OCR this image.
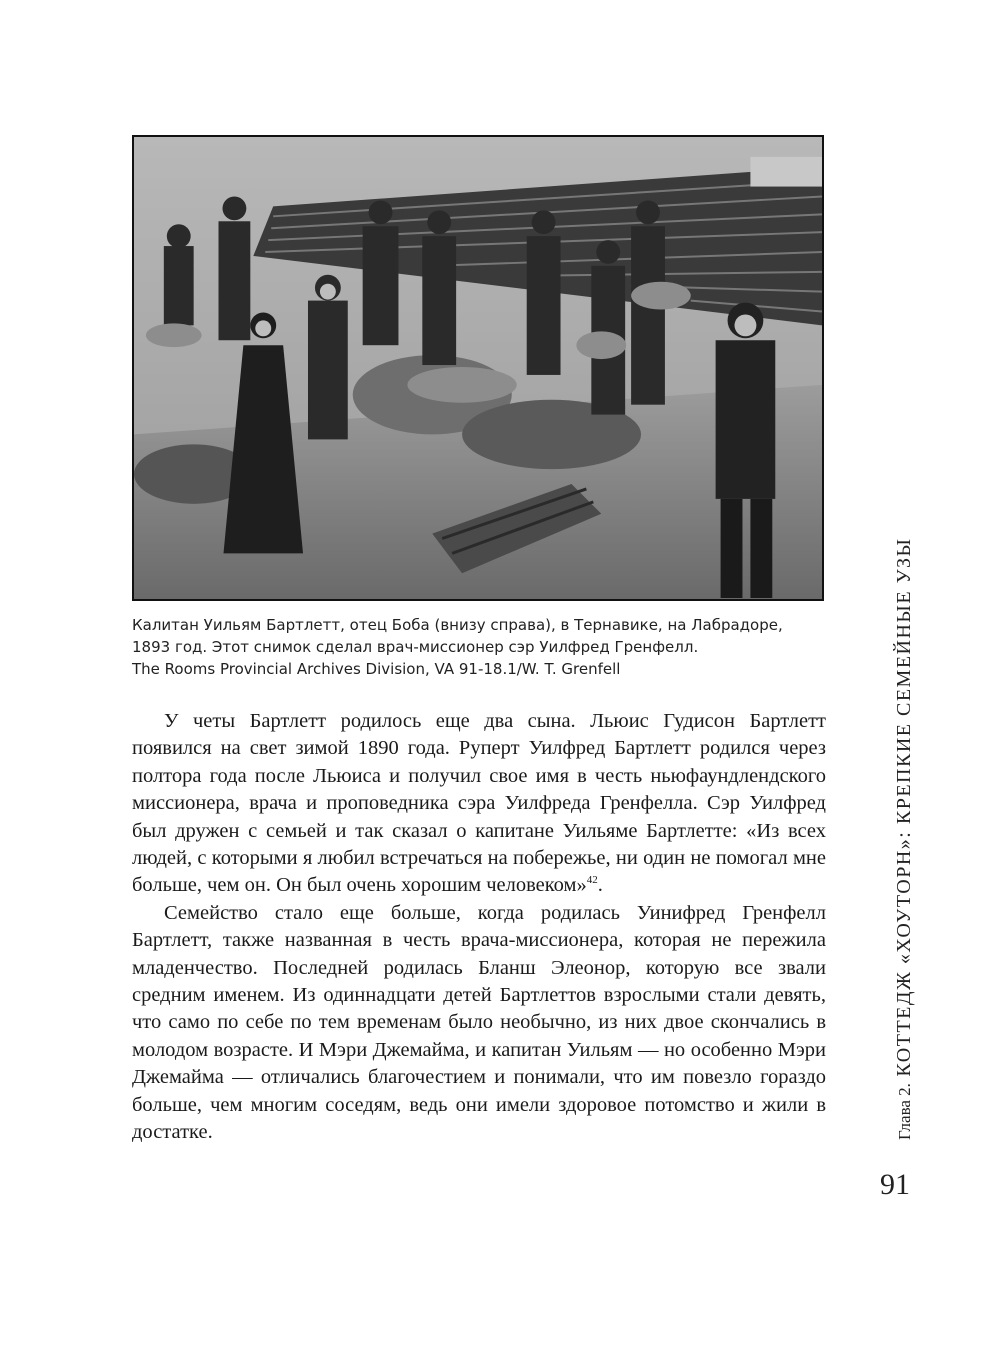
Калитан Уильям Бартлетт, отец Боба (внизу справа), в Тернавике, на Лабрадоре,
1893 год. Этот снимок сделал врач-миссионер сэр Уилфред Гренфелл.
The Rooms Provincial Archives Division, VA 91-18.1/W. T. Grenfell

У четы Бартлетт родилось еще два сына. Льюис Гудисон Бартлетт появился на свет зимой 1890 года. Руперт Уилфред Бартлетт родился через полтора года после Льюиса и получил свое имя в честь ньюфаундлендского миссионера, врача и проповедника сэра Уилфреда Гренфелла. Сэр Уилфред был дружен с семьей и так сказал о капитане Уильяме Бартлетте: «Из всех людей, с которыми я любил встречаться на побережье, ни один не помогал мне больше, чем он. Он был очень хорошим человеком»$^{42}$.

Семейство стало еще больше, когда родилась Уинифред Гренфелл Бартлетт, также названная в честь врача-миссионера, которая не пережила младенчество. Последней родилась Бланш Элеонор, которую все звали средним именем. Из одиннадцати детей Бартлеттов взрослыми стали девять, что само по себе по тем временам было необычно, из них двое скончались в молодом возрасте. И Мэри Джемайма, и капитан Уильям — но особенно Мэри Джемайма — отличались благочестием и понимали, что им повезло гораздо больше, чем многим соседям, ведь они имели здоровое потомство и жили в достатке.	Глава 2. КОТТЕДЖ «ХОУТОРН»: КРЕПКИЕ СЕМЕЙНЫЕ УЗЫ
91
